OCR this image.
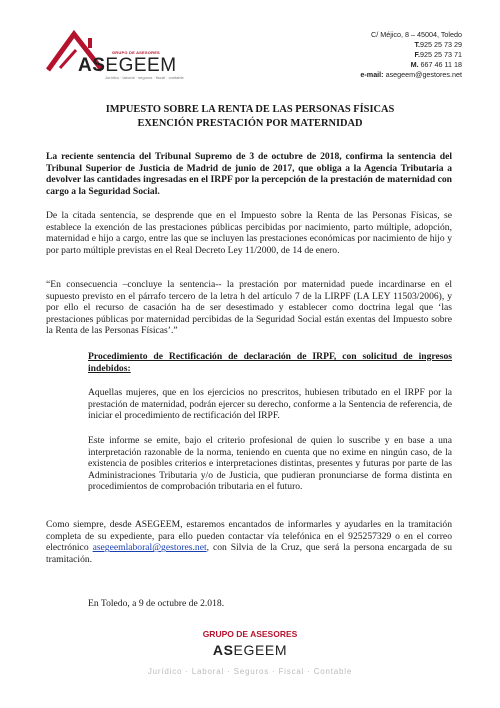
GRUPO DE ASESORES
ASEGEEM
Jurídico · laboral · seguros · fiscal · contable
C/ Méjico, 8 – 45004, Toledo
T.925 25 73 29
F.925 25 73 71
M. 667 46 11 18
e-mail: asegeem@gestores.net
IMPUESTO SOBRE LA RENTA DE LAS PERSONAS FÍSICAS
EXENCIÓN PRESTACIÓN POR MATERNIDAD
La reciente sentencia del Tribunal Supremo de 3 de octubre de 2018, confirma la sentencia del Tribunal Superior de Justicia de Madrid de junio de 2017, que obliga a la Agencia Tributaria a devolver las cantidades ingresadas en el IRPF por la percepción de la prestación de maternidad con cargo a la Seguridad Social.
De la citada sentencia, se desprende que en el Impuesto sobre la Renta de las Personas Físicas, se establece la exención de las prestaciones públicas percibidas por nacimiento, parto múltiple, adopción, maternidad e hijo a cargo, entre las que se incluyen las prestaciones económicas por nacimiento de hijo y por parto múltiple previstas en el Real Decreto Ley 11/2000, de 14 de enero.
“En consecuencia –concluye la sentencia-- la prestación por maternidad puede incardinarse en el supuesto previsto en el párrafo tercero de la letra h del artículo 7 de la LIRPF (LA LEY 11503/2006), y por ello el recurso de casación ha de ser desestimado y establecer como doctrina legal que ‘las prestaciones públicas por maternidad percibidas de la Seguridad Social están exentas del Impuesto sobre la Renta de las Personas Físicas’.”
Procedimiento de Rectificación de declaración de IRPF, con solicitud de ingresos indebidos:
Aquellas mujeres, que en los ejercicios no prescritos, hubiesen tributado en el IRPF por la prestación de maternidad, podrán ejercer su derecho, conforme a la Sentencia de referencia, de iniciar el procedimiento de rectificación del IRPF.
Este informe se emite, bajo el criterio profesional de quien lo suscribe y en base a una interpretación razonable de la norma, teniendo en cuenta que no exime en ningún caso, de la existencia de posibles criterios e interpretaciones distintas, presentes y futuras por parte de las Administraciones Tributaria y/o de Justicia, que pudieran pronunciarse de forma distinta en procedimientos de comprobación tributaria en el futuro.
Como siempre, desde ASEGEEM, estaremos encantados de informarles y ayudarles en la tramitación completa de su expediente, para ello pueden contactar vía telefónica en el 925257329 o en el correo electrónico asegeemlaboral@gestores.net, con Silvia de la Cruz, que será la persona encargada de su tramitación.
En Toledo, a 9 de octubre de 2.018.
GRUPO DE ASESORES
ASEGEEM
Jurídico · Laboral · Seguros · Fiscal · Contable
